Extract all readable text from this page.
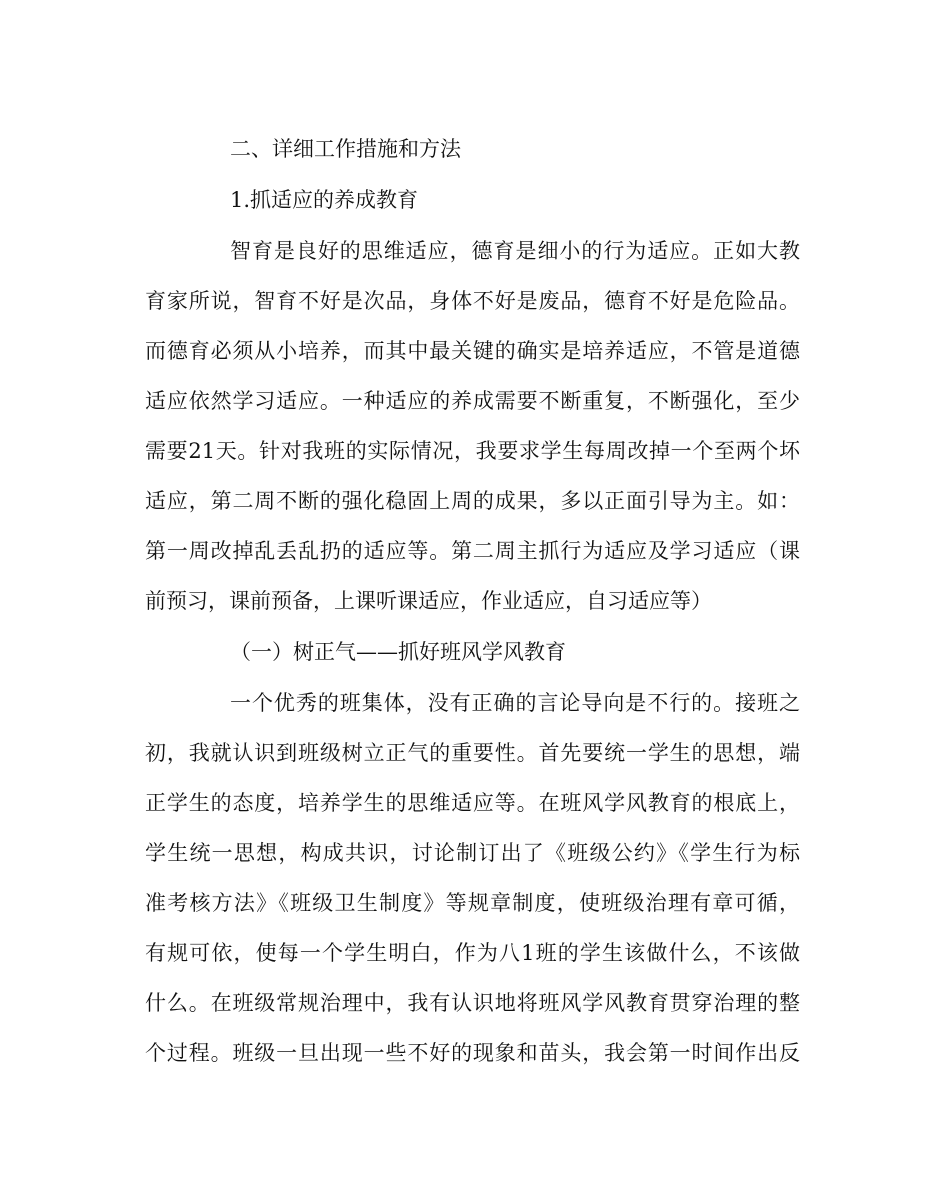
二、详细工作措施和方法
1.抓适应的养成教育
智育是良好的思维适应，德育是细小的行为适应。正如大教
育家所说，智育不好是次品，身体不好是废品，德育不好是危险品。
而德育必须从小培养，而其中最关键的确实是培养适应，不管是道德
适应依然学习适应。一种适应的养成需要不断重复，不断强化，至少
需要21天。针对我班的实际情况，我要求学生每周改掉一个至两个坏
适应，第二周不断的强化稳固上周的成果，多以正面引导为主。如：
第一周改掉乱丢乱扔的适应等。第二周主抓行为适应及学习适应（课
前预习，课前预备，上课听课适应，作业适应，自习适应等）
（一）树正气——抓好班风学风教育
一个优秀的班集体，没有正确的言论导向是不行的。接班之
初，我就认识到班级树立正气的重要性。首先要统一学生的思想，端
正学生的态度，培养学生的思维适应等。在班风学风教育的根底上，
学生统一思想，构成共识，讨论制订出了《班级公约》《学生行为标
准考核方法》《班级卫生制度》等规章制度，使班级治理有章可循，
有规可依，使每一个学生明白，作为八1班的学生该做什么，不该做
什么。在班级常规治理中，我有认识地将班风学风教育贯穿治理的整
个过程。班级一旦出现一些不好的现象和苗头，我会第一时间作出反
